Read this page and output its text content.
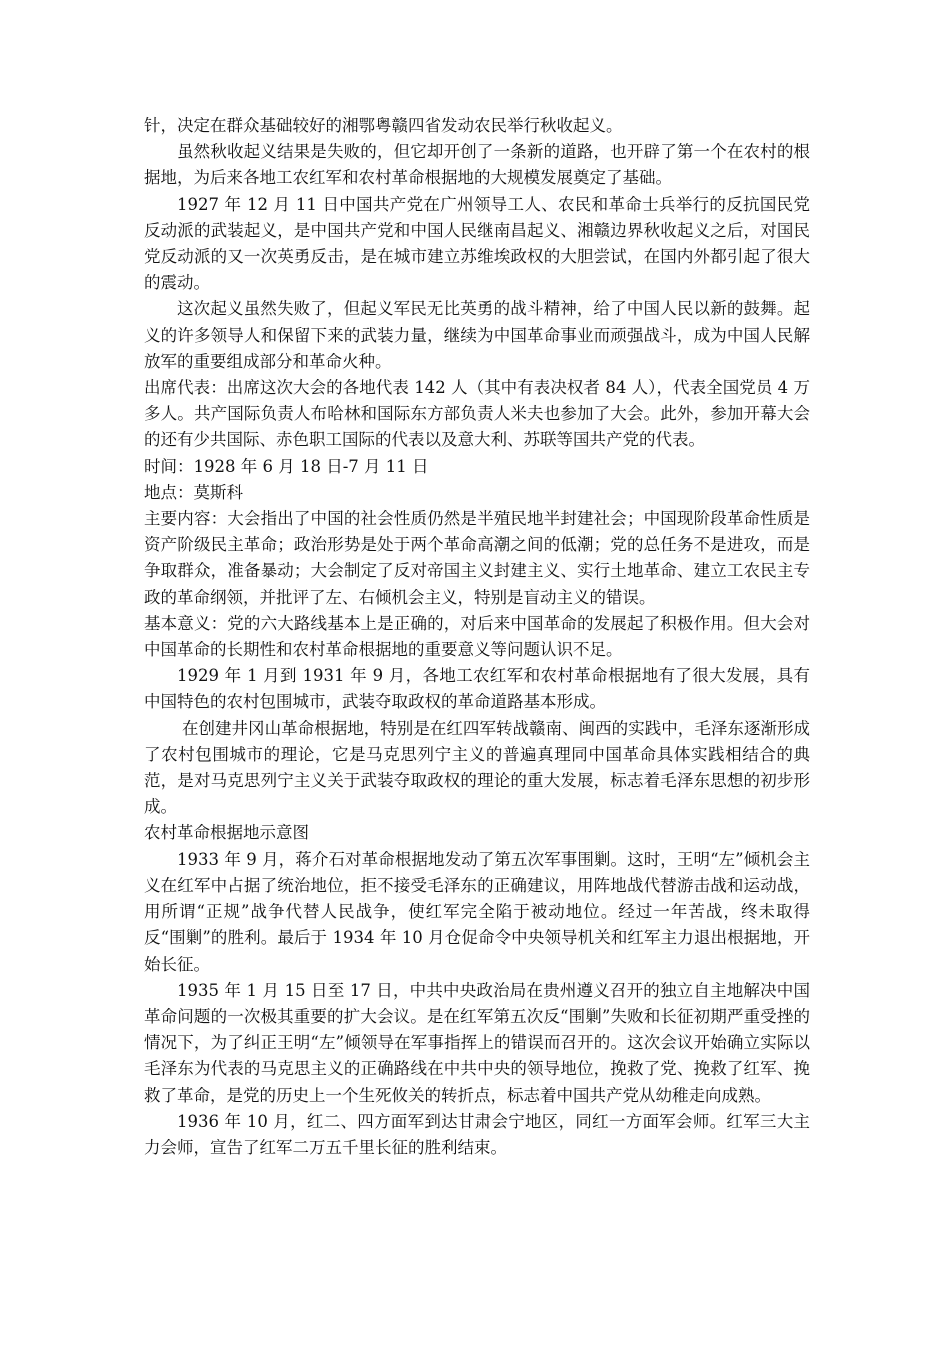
针，决定在群众基础较好的湘鄂粤赣四省发动农民举行秋收起义。

虽然秋收起义结果是失败的，但它却开创了一条新的道路，也开辟了第一个在农村的根据地，为后来各地工农红军和农村革命根据地的大规模发展奠定了基础。

1927 年 12 月 11 日中国共产党在广州领导工人、农民和革命士兵举行的反抗国民党反动派的武装起义，是中国共产党和中国人民继南昌起义、湘赣边界秋收起义之后，对国民党反动派的又一次英勇反击，是在城市建立苏维埃政权的大胆尝试，在国内外都引起了很大的震动。

这次起义虽然失败了，但起义军民无比英勇的战斗精神，给了中国人民以新的鼓舞。起义的许多领导人和保留下来的武装力量，继续为中国革命事业而顽强战斗，成为中国人民解放军的重要组成部分和革命火种。

出席代表：出席这次大会的各地代表 142 人（其中有表决权者 84 人），代表全国党员 4 万多人。共产国际负责人布哈林和国际东方部负责人米夫也参加了大会。此外，参加开幕大会的还有少共国际、赤色职工国际的代表以及意大利、苏联等国共产党的代表。

时间：1928 年 6 月 18 日-7 月 11 日

地点：莫斯科

主要内容：大会指出了中国的社会性质仍然是半殖民地半封建社会；中国现阶段革命性质是资产阶级民主革命；政治形势是处于两个革命高潮之间的低潮；党的总任务不是进攻，而是争取群众，准备暴动；大会制定了反对帝国主义封建主义、实行土地革命、建立工农民主专政的革命纲领，并批评了左、右倾机会主义，特别是盲动主义的错误。

基本意义：党的六大路线基本上是正确的，对后来中国革命的发展起了积极作用。但大会对中国革命的长期性和农村革命根据地的重要意义等问题认识不足。

1929 年 1 月到 1931 年 9 月，各地工农红军和农村革命根据地有了很大发展，具有中国特色的农村包围城市，武装夺取政权的革命道路基本形成。

在创建井冈山革命根据地，特别是在红四军转战赣南、闽西的实践中，毛泽东逐渐形成了农村包围城市的理论，它是马克思列宁主义的普遍真理同中国革命具体实践相结合的典范，是对马克思列宁主义关于武装夺取政权的理论的重大发展，标志着毛泽东思想的初步形成。

农村革命根据地示意图

1933 年 9 月，蒋介石对革命根据地发动了第五次军事围剿。这时，王明“左”倾机会主义在红军中占据了统治地位，拒不接受毛泽东的正确建议，用阵地战代替游击战和运动战，用所谓“正规”战争代替人民战争，使红军完全陷于被动地位。经过一年苦战，终未取得反“围剿”的胜利。最后于 1934 年 10 月仓促命令中央领导机关和红军主力退出根据地，开始长征。

1935 年 1 月 15 日至 17 日，中共中央政治局在贵州遵义召开的独立自主地解决中国革命问题的一次极其重要的扩大会议。是在红军第五次反“围剿”失败和长征初期严重受挫的情况下，为了纠正王明“左”倾领导在军事指挥上的错误而召开的。这次会议开始确立实际以毛泽东为代表的马克思主义的正确路线在中共中央的领导地位，挽救了党、挽救了红军、挽救了革命，是党的历史上一个生死攸关的转折点，标志着中国共产党从幼稚走向成熟。

1936 年 10 月，红二、四方面军到达甘肃会宁地区，同红一方面军会师。红军三大主力会师，宣告了红军二万五千里长征的胜利结束。
